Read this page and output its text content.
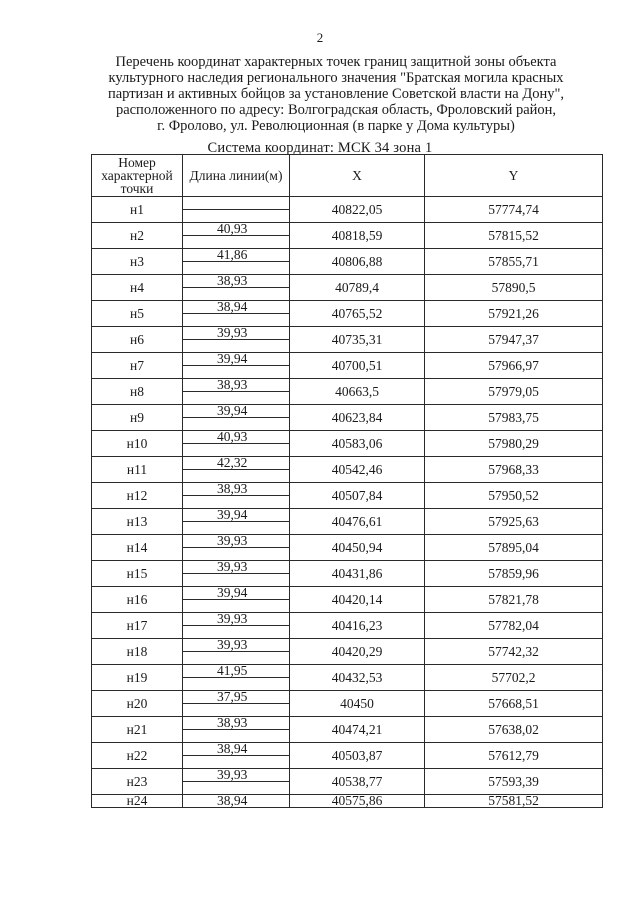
2
Перечень координат характерных точек границ защитной зоны объекта
культурного наследия регионального значения "Братская могила красных
партизан и активных бойцов за установление Советской власти на Дону",
расположенного по адресу: Волгоградская область, Фроловский район,
г. Фролово, ул. Революционная (в парке у Дома культуры)
Система координат: МСК 34 зона 1
Номер характерной точки	Длина линии(м)	X	Y
н1		40822,05	57774,74

н2	40,93	40818,59	57815,52

н3	41,86	40806,88	57855,71

н4	38,93	40789,4	57890,5

н5	38,94	40765,52	57921,26

н6	39,93	40735,31	57947,37

н7	39,94	40700,51	57966,97

н8	38,93	40663,5	57979,05

н9	39,94	40623,84	57983,75

н10	40,93	40583,06	57980,29

н11	42,32	40542,46	57968,33

н12	38,93	40507,84	57950,52

н13	39,94	40476,61	57925,63

н14	39,93	40450,94	57895,04

н15	39,93	40431,86	57859,96

н16	39,94	40420,14	57821,78

н17	39,93	40416,23	57782,04

н18	39,93	40420,29	57742,32

н19	41,95	40432,53	57702,2

н20	37,95	40450	57668,51

н21	38,93	40474,21	57638,02

н22	38,94	40503,87	57612,79

н23	39,93	40538,77	57593,39

н24	38,94	40575,86	57581,52
